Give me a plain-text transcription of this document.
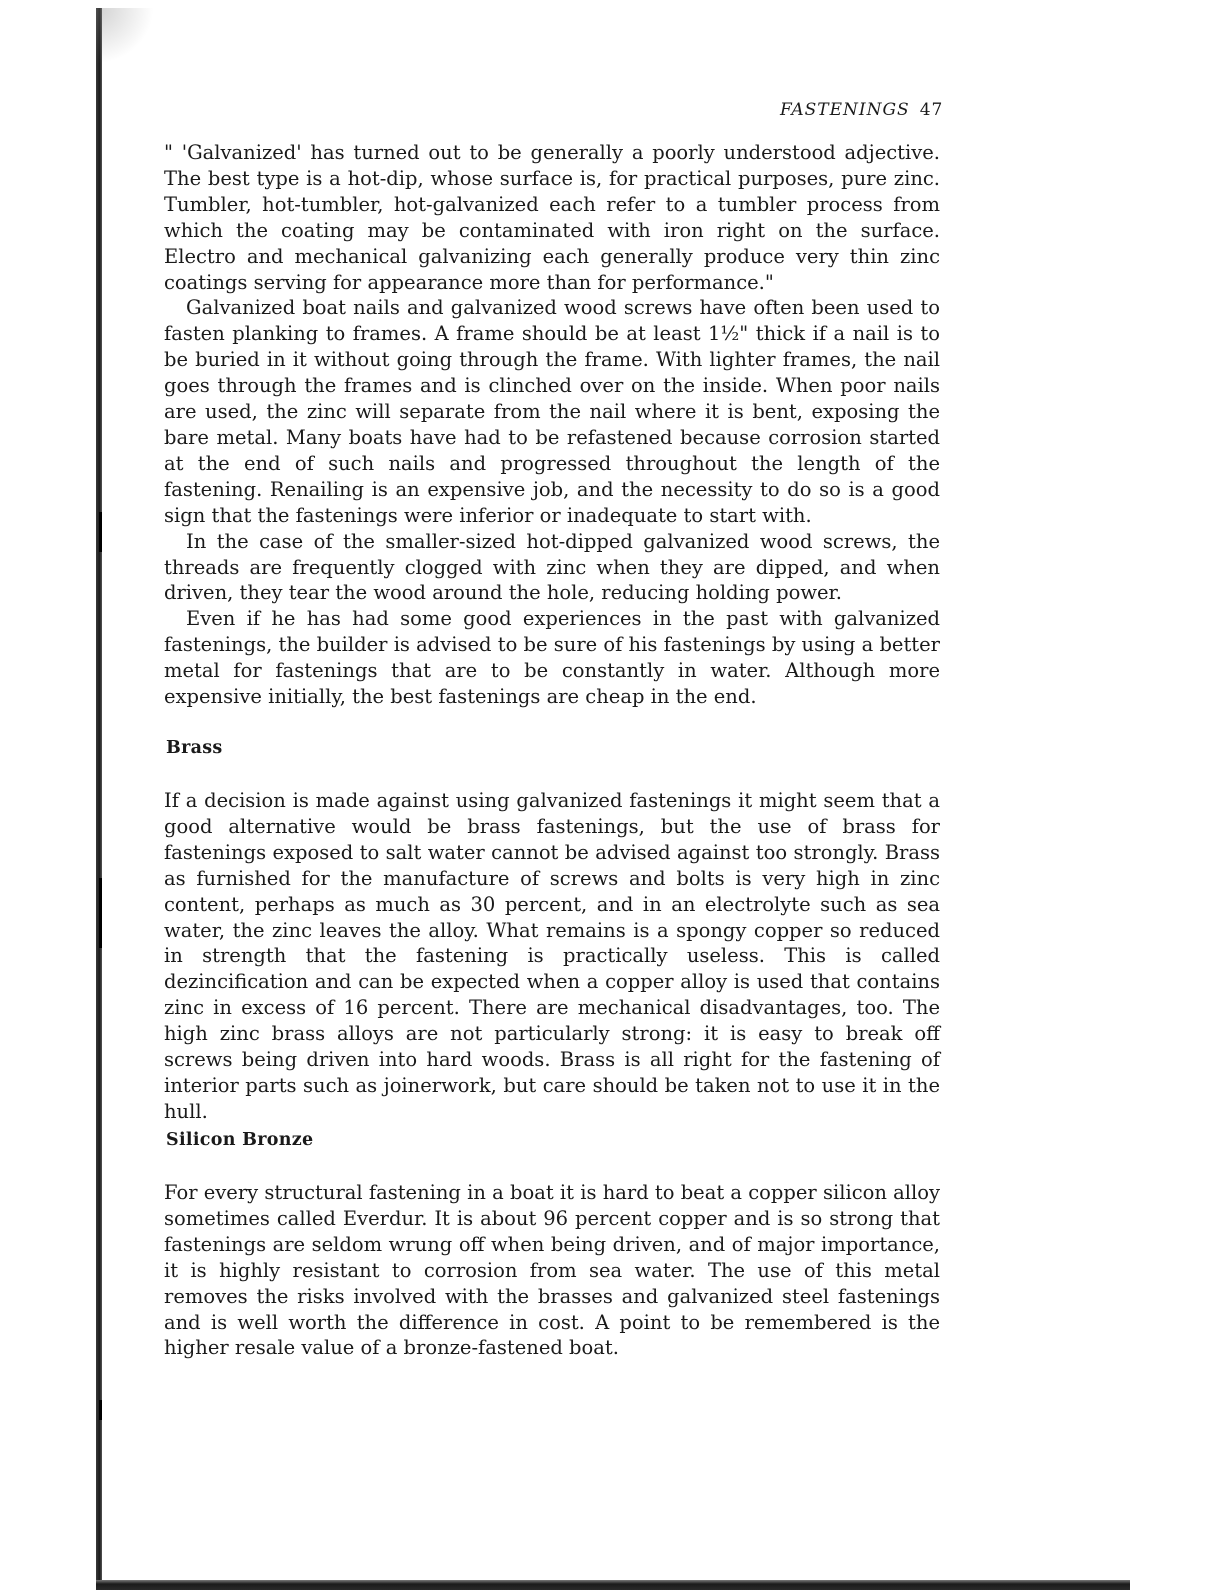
FASTENINGS 47

" 'Galvanized' has turned out to be generally a poorly understood adjective. The best type is a hot-dip, whose surface is, for practical purposes, pure zinc. Tumbler, hot-tumbler, hot-galvanized each refer to a tumbler process from which the coating may be contaminated with iron right on the surface. Electro and mechanical galvanizing each generally produce very thin zinc coatings serving for appearance more than for performance."

Galvanized boat nails and galvanized wood screws have often been used to fasten planking to frames. A frame should be at least 1½" thick if a nail is to be buried in it without going through the frame. With lighter frames, the nail goes through the frames and is clinched over on the inside. When poor nails are used, the zinc will separate from the nail where it is bent, exposing the bare metal. Many boats have had to be refastened because corrosion started at the end of such nails and progressed throughout the length of the fastening. Renailing is an expensive job, and the necessity to do so is a good sign that the fastenings were inferior or inadequate to start with.

In the case of the smaller-sized hot-dipped galvanized wood screws, the threads are frequently clogged with zinc when they are dipped, and when driven, they tear the wood around the hole, reducing holding power.

Even if he has had some good experiences in the past with galvanized fastenings, the builder is advised to be sure of his fastenings by using a better metal for fastenings that are to be constantly in water. Although more expensive initially, the best fastenings are cheap in the end.

Brass

If a decision is made against using galvanized fastenings it might seem that a good alternative would be brass fastenings, but the use of brass for fastenings exposed to salt water cannot be advised against too strongly. Brass as furnished for the manufacture of screws and bolts is very high in zinc content, perhaps as much as 30 percent, and in an electrolyte such as sea water, the zinc leaves the alloy. What remains is a spongy copper so reduced in strength that the fastening is practically useless. This is called dezincification and can be expected when a copper alloy is used that contains zinc in excess of 16 percent. There are mechanical disadvantages, too. The high zinc brass alloys are not particularly strong: it is easy to break off screws being driven into hard woods. Brass is all right for the fastening of interior parts such as joinerwork, but care should be taken not to use it in the hull.

Silicon Bronze

For every structural fastening in a boat it is hard to beat a copper silicon alloy sometimes called Everdur. It is about 96 percent copper and is so strong that fastenings are seldom wrung off when being driven, and of major importance, it is highly resistant to corrosion from sea water. The use of this metal removes the risks involved with the brasses and galvanized steel fastenings and is well worth the difference in cost. A point to be remembered is the higher resale value of a bronze-fastened boat.
